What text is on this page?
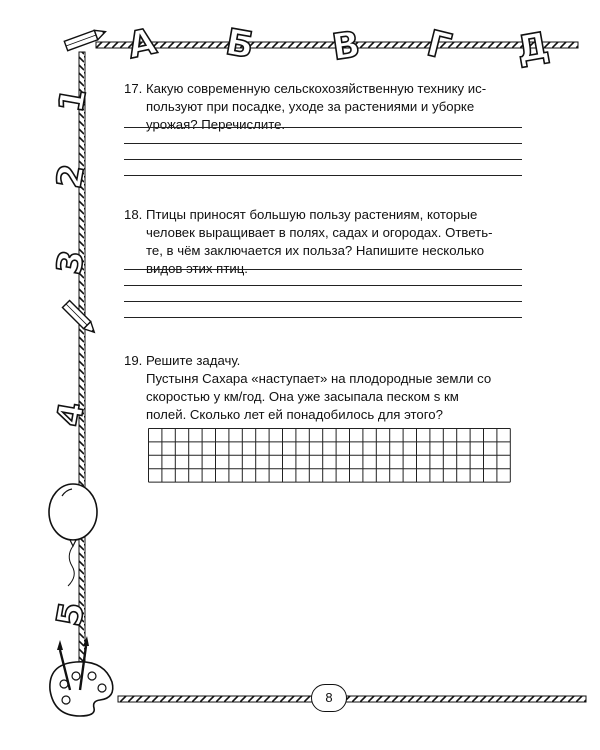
А Б В Г Д
1
2
3
4
5
17. Какую современную сельскохозяйственную технику ис-
пользуют при посадке, уходе за растениями и уборке
урожая? Перечислите.
18. Птицы приносят большую пользу растениям, которые
человек выращивает в полях, садах и огородах. Ответь-
те, в чём заключается их польза? Напишите несколько
видов этих птиц.
19. Решите задачу.
Пустыня Сахара «наступает» на плодородные земли со
скоростью y км/год. Она уже засыпала песком s км
полей. Сколько лет ей понадобилось для этого?
8
